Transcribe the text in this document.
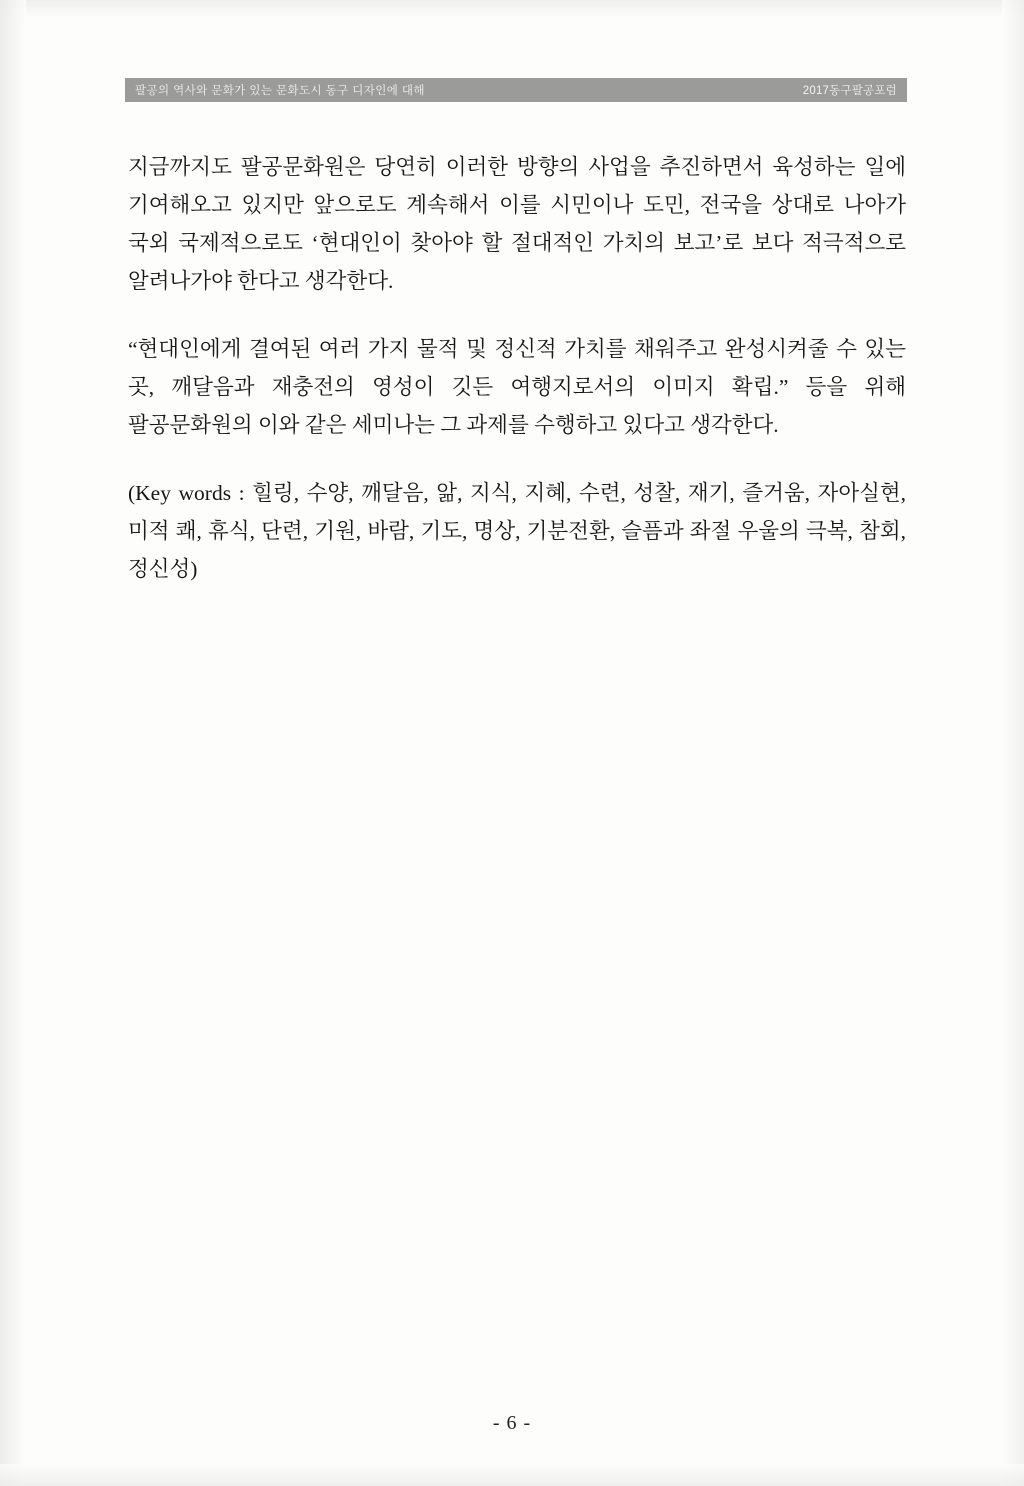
팔공의 역사와 문화가 있는 문화도시 동구 디자인에 대해	2017동구팔공포럼

지금까지도 팔공문화원은 당연히 이러한 방향의 사업을 추진하면서 육성하는 일에 기여해오고 있지만 앞으로도 계속해서 이를 시민이나 도민, 전국을 상대로 나아가 국외 국제적으로도 ‘현대인이 찾아야 할 절대적인 가치의 보고’로 보다 적극적으로 알려나가야 한다고 생각한다.

“현대인에게 결여된 여러 가지 물적 및 정신적 가치를 채워주고 완성시켜줄 수 있는 곳, 깨달음과 재충전의 영성이 깃든 여행지로서의 이미지 확립.” 등을 위해 팔공문화원의 이와 같은 세미나는 그 과제를 수행하고 있다고 생각한다.

(Key words : 힐링, 수양, 깨달음, 앎, 지식, 지혜, 수련, 성찰, 재기, 즐거움, 자아실현, 미적 쾌, 휴식, 단련, 기원, 바람, 기도, 명상, 기분전환, 슬픔과 좌절 우울의 극복, 참회, 정신성)

- 6 -
